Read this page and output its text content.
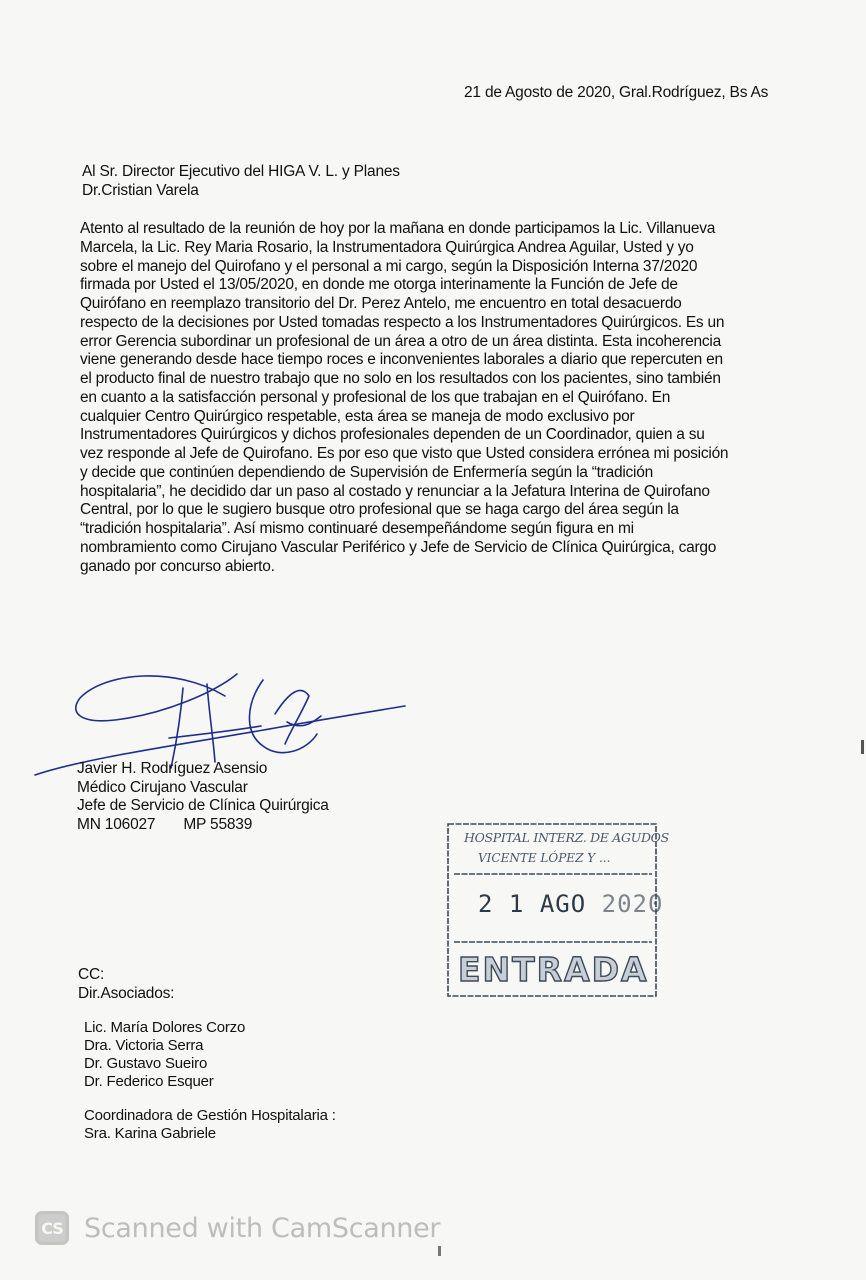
21 de Agosto de 2020, Gral.Rodríguez, Bs As
Al Sr. Director Ejecutivo del HIGA V. L. y Planes
Dr.Cristian Varela
Atento al resultado de la reunión de hoy por la mañana en donde participamos la Lic. Villanueva
Marcela, la Lic. Rey Maria Rosario, la Instrumentadora Quirúrgica Andrea Aguilar, Usted y yo
sobre el manejo del Quirofano y el personal a mi cargo, según la Disposición Interna 37/2020
firmada por Usted el 13/05/2020, en donde me otorga interinamente la Función de Jefe de
Quirófano en reemplazo transitorio del Dr. Perez Antelo, me encuentro en total desacuerdo
respecto de la decisiones por Usted tomadas respecto a los Instrumentadores Quirúrgicos. Es un
error Gerencia subordinar un profesional de un área a otro de un área distinta. Esta incoherencia
viene generando desde hace tiempo roces e inconvenientes laborales a diario que repercuten en
el producto final de nuestro trabajo que no solo en los resultados con los pacientes, sino también
en cuanto a la satisfacción personal y profesional de los que trabajan en el Quirófano. En
cualquier Centro Quirúrgico respetable, esta área se maneja de modo exclusivo por
Instrumentadores Quirúrgicos y dichos profesionales dependen de un Coordinador, quien a su
vez responde al Jefe de Quirofano. Es por eso que visto que Usted considera errónea mi posición
y decide que continúen dependiendo de Supervisión de Enfermería según la “tradición
hospitalaria”, he decidido dar un paso al costado y renunciar a la Jefatura Interina de Quirofano
Central, por lo que le sugiero busque otro profesional que se haga cargo del área según la
“tradición hospitalaria”. Así mismo continuaré desempeñándome según figura en mi
nombramiento como Cirujano Vascular Periférico y Jefe de Servicio de Clínica Quirúrgica, cargo
ganado por concurso abierto.
Javier H. Rodríguez Asensio
Médico Cirujano Vascular
Jefe de Servicio de Clínica Quirúrgica
MN 106027 MP 55839
HOSPITAL INTERZ. DE AGUDOS
VICENTE LÓPEZ Y ...
2 1 AGO 2020
ENTRADA
CC:
Dir.Asociados:
Lic. María Dolores Corzo
Dra. Victoria Serra
Dr. Gustavo Sueiro
Dr. Federico Esquer
Coordinadora de Gestión Hospitalaria :
Sra. Karina Gabriele
CS Scanned with CamScanner
